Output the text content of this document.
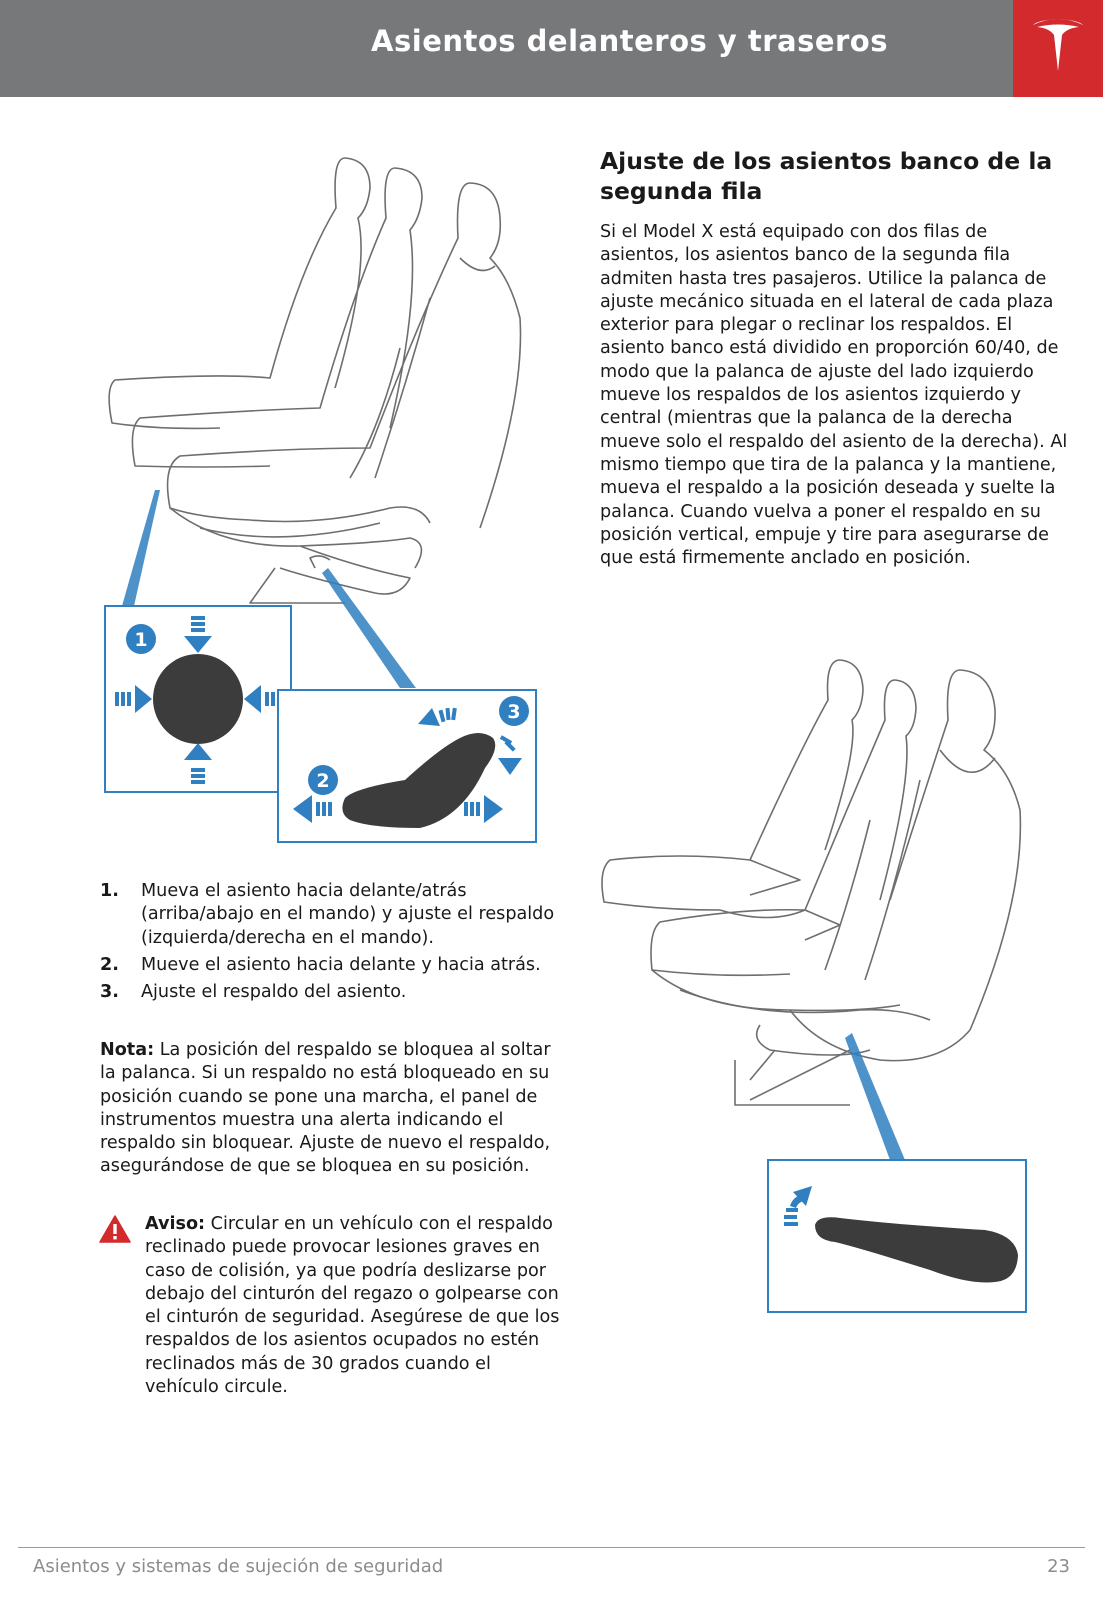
Asientos delanteros y traseros
1
2
3
Ajuste de los asientos banco de la segunda fila

Si el Model X está equipado con dos filas de asientos, los asientos banco de la segunda fila admiten hasta tres pasajeros. Utilice la palanca de ajuste mecánico situada en el lateral de cada plaza exterior para plegar o reclinar los respaldos. El asiento banco está dividido en proporción 60/40, de modo que la palanca de ajuste del lado izquierdo mueve los respaldos de los asientos izquierdo y central (mientras que la palanca de la derecha mueve solo el respaldo del asiento de la derecha). Al mismo tiempo que tira de la palanca y la mantiene, mueva el respaldo a la posición deseada y suelte la palanca. Cuando vuelva a poner el respaldo en su posición vertical, empuje y tire para asegurarse de que está firmemente anclado en posición.

1. Mueva el asiento hacia delante/atrás (arriba/abajo en el mando) y ajuste el respaldo (izquierda/derecha en el mando).
2. Mueve el asiento hacia delante y hacia atrás.
3. Ajuste el respaldo del asiento.

Nota: La posición del respaldo se bloquea al soltar la palanca. Si un respaldo no está bloqueado en su posición cuando se pone una marcha, el panel de instrumentos muestra una alerta indicando el respaldo sin bloquear. Ajuste de nuevo el respaldo, asegurándose de que se bloquea en su posición.

Aviso: Circular en un vehículo con el respaldo reclinado puede provocar lesiones graves en caso de colisión, ya que podría deslizarse por debajo del cinturón del regazo o golpearse con el cinturón de seguridad. Asegúrese de que los respaldos de los asientos ocupados no estén reclinados más de 30 grados cuando el vehículo circule.

Asientos y sistemas de sujeción de seguridad	23
